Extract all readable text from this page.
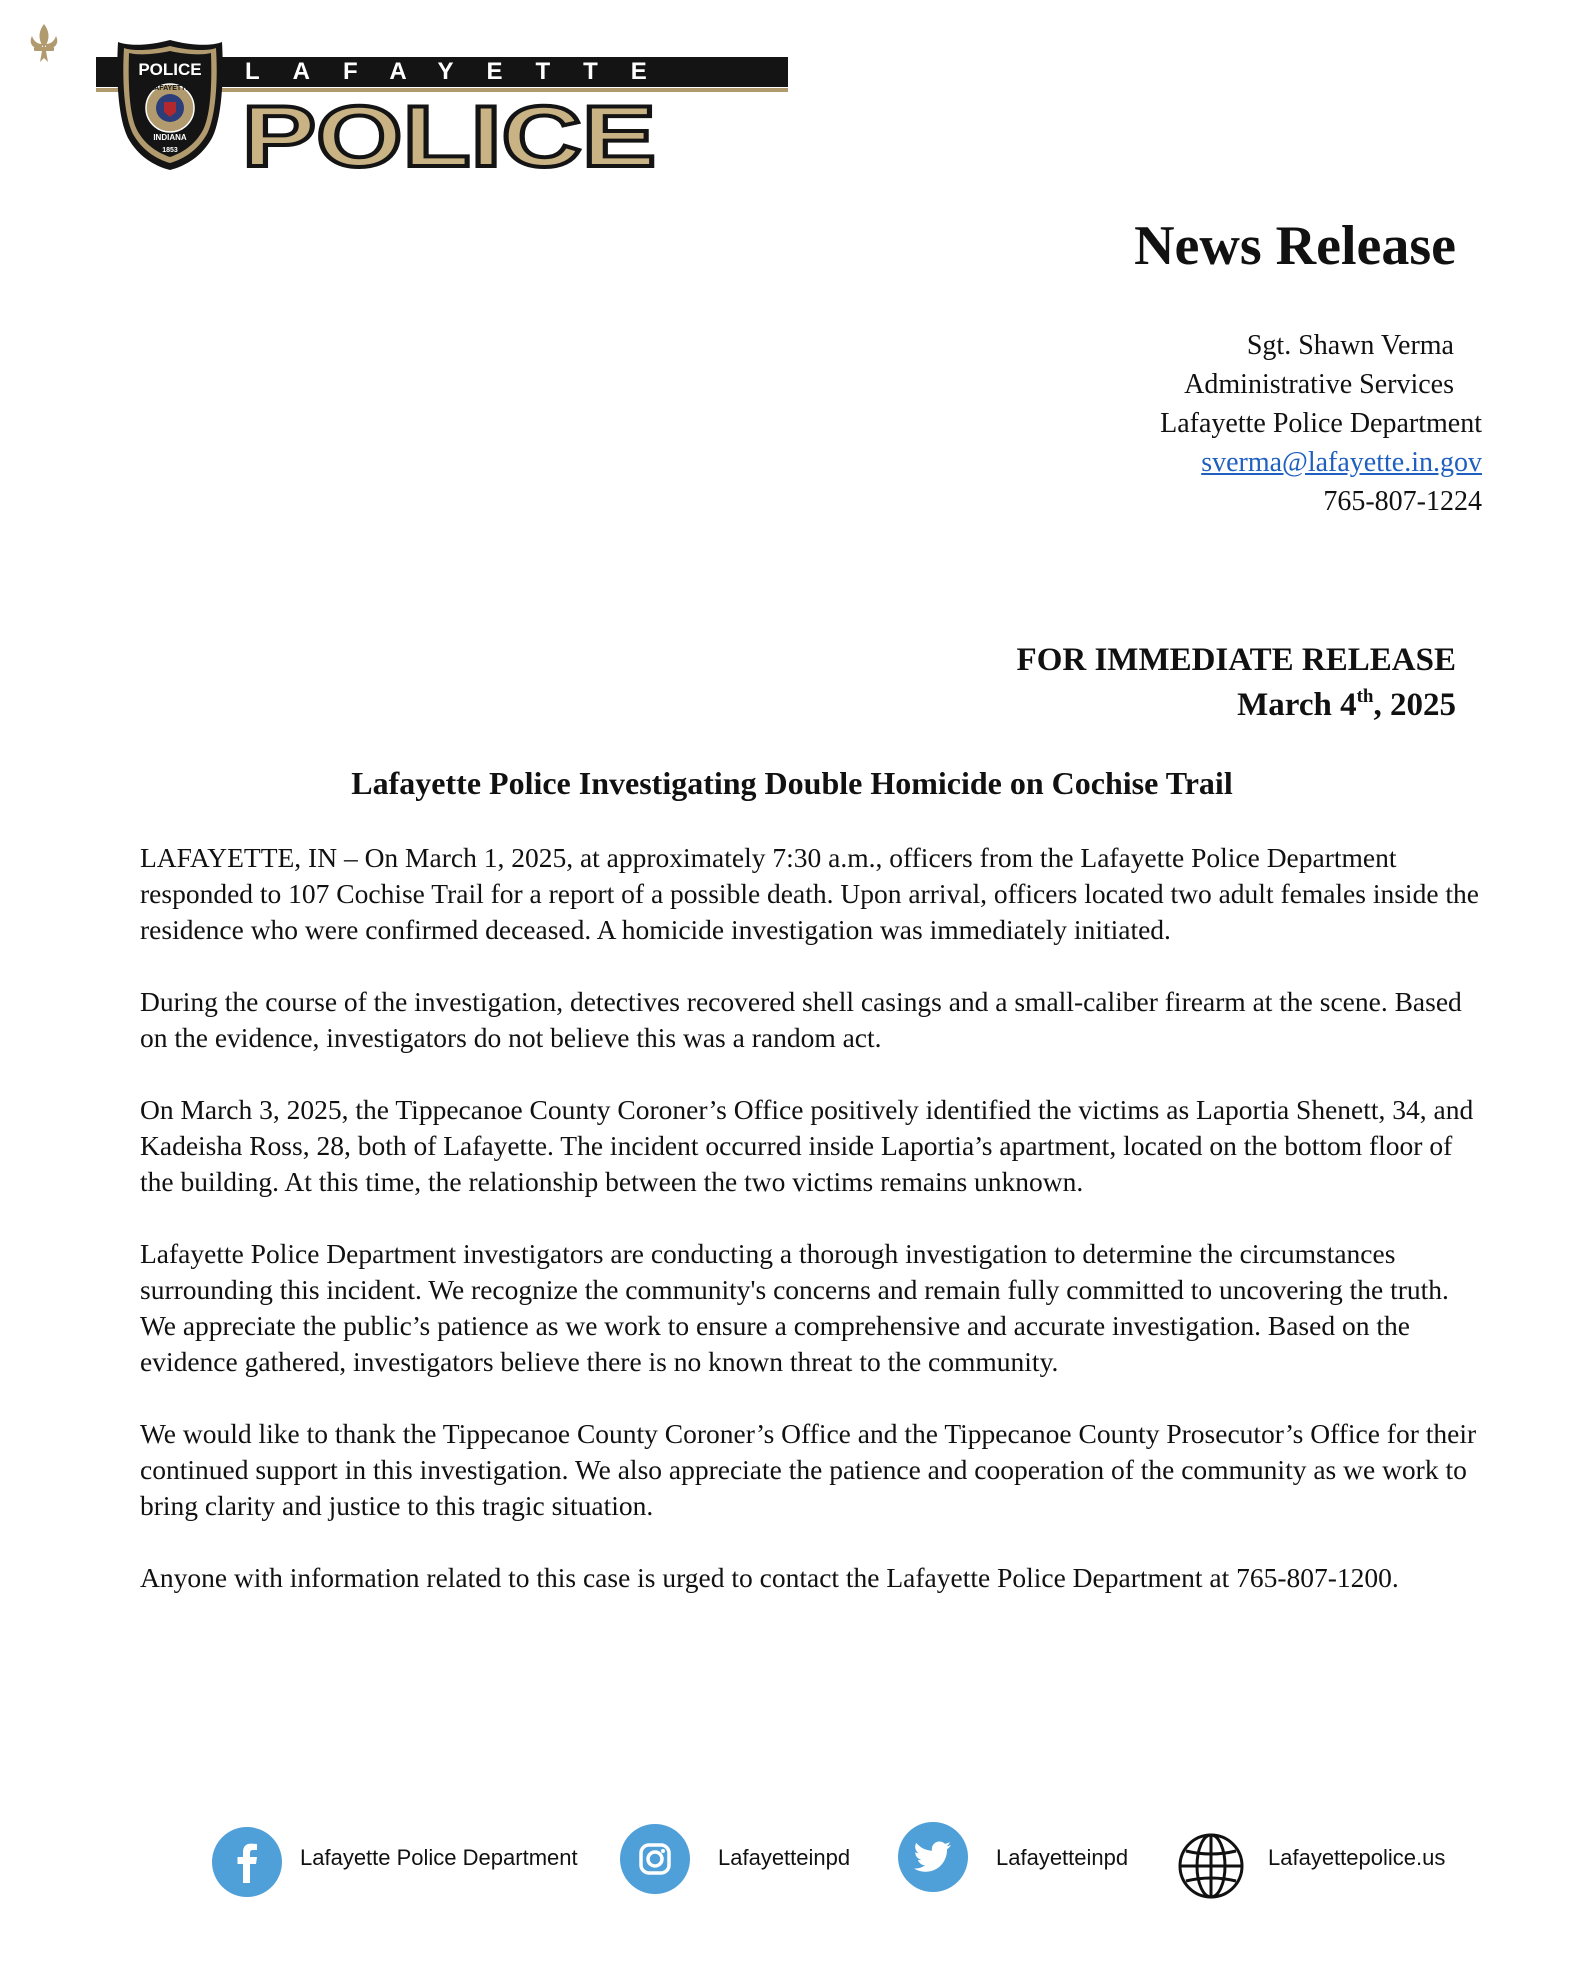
LAFAYETTE
POLICE
POLICE
LAFAYETTE
INDIANA
1853
News Release
Sgt. Shawn Verma
Administrative Services
Lafayette Police Department
sverma@lafayette.in.gov
765-807-1224
FOR IMMEDIATE RELEASE
March 4th, 2025
Lafayette Police Investigating Double Homicide on Cochise Trail

LAFAYETTE, IN – On March 1, 2025, at approximately 7:30 a.m., officers from the Lafayette Police Department responded to 107 Cochise Trail for a report of a possible death. Upon arrival, officers located two adult females inside the residence who were confirmed deceased. A homicide investigation was immediately initiated.

During the course of the investigation, detectives recovered shell casings and a small-caliber firearm at the scene. Based on the evidence, investigators do not believe this was a random act.

On March 3, 2025, the Tippecanoe County Coroner’s Office positively identified the victims as Laportia Shenett, 34, and Kadeisha Ross, 28, both of Lafayette. The incident occurred inside Laportia’s apartment, located on the bottom floor of the building. At this time, the relationship between the two victims remains unknown.

Lafayette Police Department investigators are conducting a thorough investigation to determine the circumstances surrounding this incident. We recognize the community's concerns and remain fully committed to uncovering the truth. We appreciate the public’s patience as we work to ensure a comprehensive and accurate investigation. Based on the evidence gathered, investigators believe there is no known threat to the community.

We would like to thank the Tippecanoe County Coroner’s Office and the Tippecanoe County Prosecutor’s Office for their continued support in this investigation. We also appreciate the patience and cooperation of the community as we work to bring clarity and justice to this tragic situation.

Anyone with information related to this case is urged to contact the Lafayette Police Department at 765-807-1200.

Lafayette Police Department	Lafayetteinpd	Lafayetteinpd	Lafayettepolice.us
